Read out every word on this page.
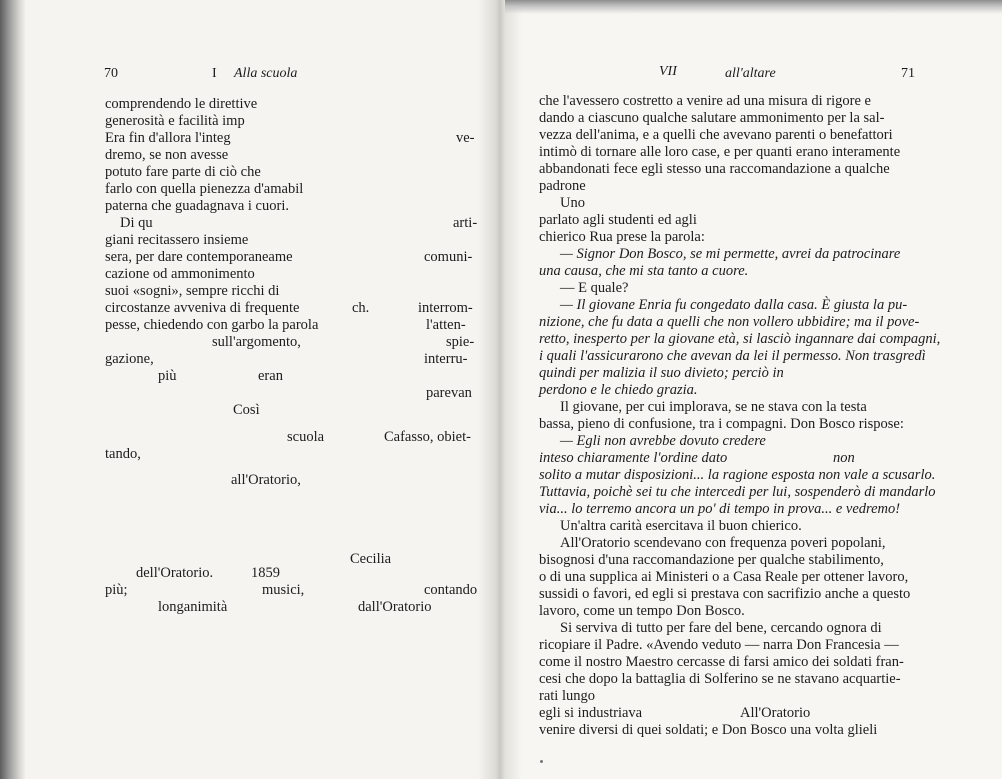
70	I Alla scuola
comprendendo le direttive
generosità e facilità imp
Era fin d'allora l'integ	ve-
dremo, se non avesse
potuto fare parte di ciò che
farlo con quella pienezza d'amabil
paterna che guadagnava i cuori.
Di qu	arti-
giani recitassero insieme
sera, per dare contemporaneame	comuni-
cazione od ammonimento
suoi «sogni», sempre ricchi di
circostanze avveniva di frequente	ch.	interrom-
pesse, chiedendo con garbo la parola	l'atten-
sull'argomento,	spie-
gazione,	interru-
più	eran
parevan
Così
scuola	Cafasso, obiet-
tando,
all'Oratorio,
Cecilia
dell'Oratorio.	1859
più;	musici,	contando
longanimità	dall'Oratorio
VII	all'altare	71
che l'avessero costretto a venire ad una misura di rigore e
dando a ciascuno qualche salutare ammonimento per la sal-
vezza dell'anima, e a quelli che avevano parenti o benefattori
intimò di tornare alle loro case, e per quanti erano interamente
abbandonati fece egli stesso una raccomandazione a qualche
padrone
Uno
parlato agli studenti ed agli
chierico Rua prese la parola:
— Signor Don Bosco, se mi permette, avrei da patrocinare
una causa, che mi sta tanto a cuore.
— E quale?
— Il giovane Enria fu congedato dalla casa. È giusta la pu-
nizione, che fu data a quelli che non vollero ubbidire; ma il pove-
retto, inesperto per la giovane età, si lasciò ingannare dai compagni,
i quali l'assicurarono che avevan da lei il permesso. Non trasgredì
quindi per malizia il suo divieto; perciò in
perdono e le chiedo grazia.
Il giovane, per cui implorava, se ne stava con la testa
bassa, pieno di confusione, tra i compagni. Don Bosco rispose:
— Egli non avrebbe dovuto credere
inteso chiaramente l'ordine dato	non
solito a mutar disposizioni... la ragione esposta non vale a scusarlo.
Tuttavia, poichè sei tu che intercedi per lui, sospenderò di mandarlo
via... lo terremo ancora un po' di tempo in prova... e vedremo!
Un'altra carità esercitava il buon chierico.
All'Oratorio scendevano con frequenza poveri popolani,
bisognosi d'una raccomandazione per qualche stabilimento,
o di una supplica ai Ministeri o a Casa Reale per ottener lavoro,
sussidi o favori, ed egli si prestava con sacrifizio anche a questo
lavoro, come un tempo Don Bosco.
Si serviva di tutto per fare del bene, cercando ognora di
ricopiare il Padre. «Avendo veduto — narra Don Francesia —
come il nostro Maestro cercasse di farsi amico dei soldati fran-
cesi che dopo la battaglia di Solferino se ne stavano acquartie-
rati lungo
egli si industriava	All'Oratorio
venire diversi di quei soldati; e Don Bosco una volta glieli
